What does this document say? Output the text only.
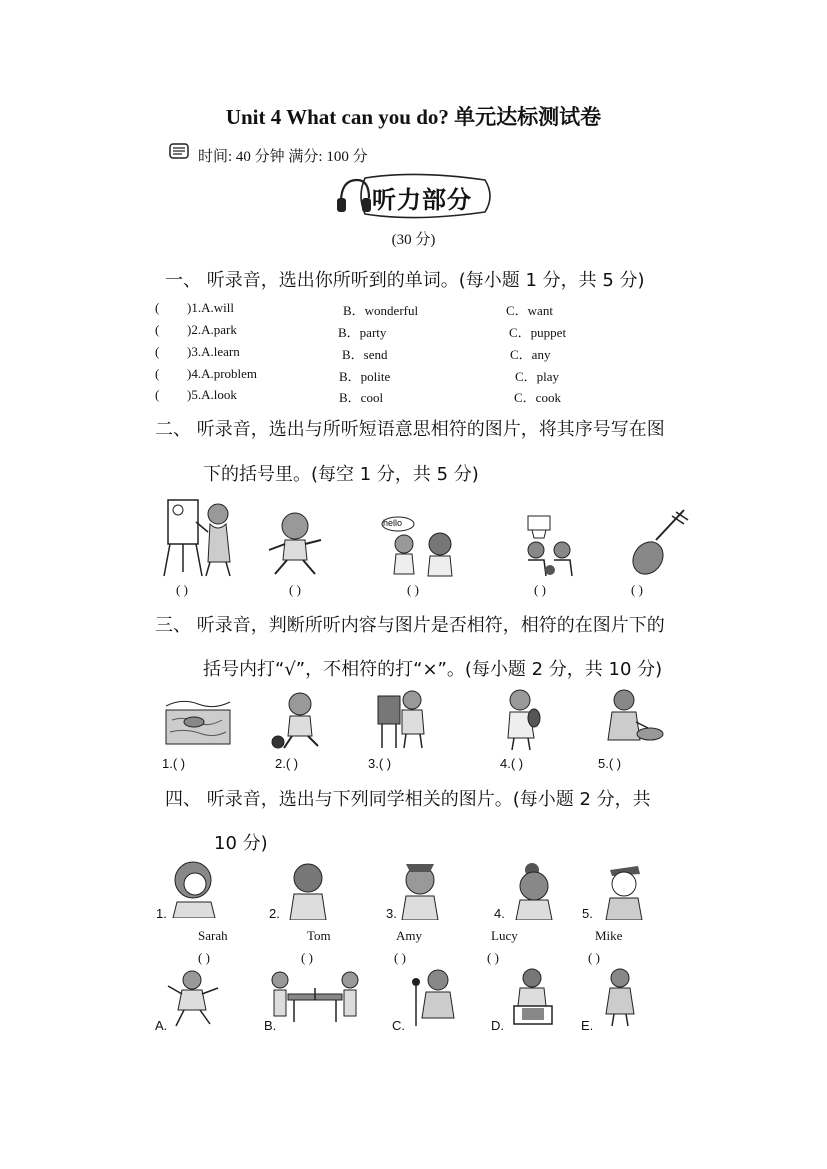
Unit 4 What can you do? 单元达标测试卷
时间: 40 分钟 满分: 100 分
听力部分
(30 分)
一、 听录音，选出你所听到的单词。(每小题 1 分，共 5 分)
( )1.A.will	B．wonderful	C．want
( )2.A.park	B．party	C．puppet
( )3.A.learn	B．send	C．any
( )4.A.problem	B．polite	C．play
( )5.A.look	B．cool	C．cook
二、 听录音，选出与所听短语意思相符的图片，将其序号写在图
下的括号里。(每空 1 分，共 5 分)
hello
( )	( )	( )	( )	( )
三、 听录音，判断所听内容与图片是否相符，相符的在图片下的
括号内打“√”，不相符的打“×”。(每小题 2 分，共 10 分)
1.( )	2.( )	3.( )	4.( )	5.( )
四、 听录音，选出与下列同学相关的图片。(每小题 2 分，共
10 分)
1.	2.	3.	4.	5.
Sarah	Tom	Amy	Lucy	Mike
( )	( )	( )	( )	( )
A.	B.	C.	D.	E.
